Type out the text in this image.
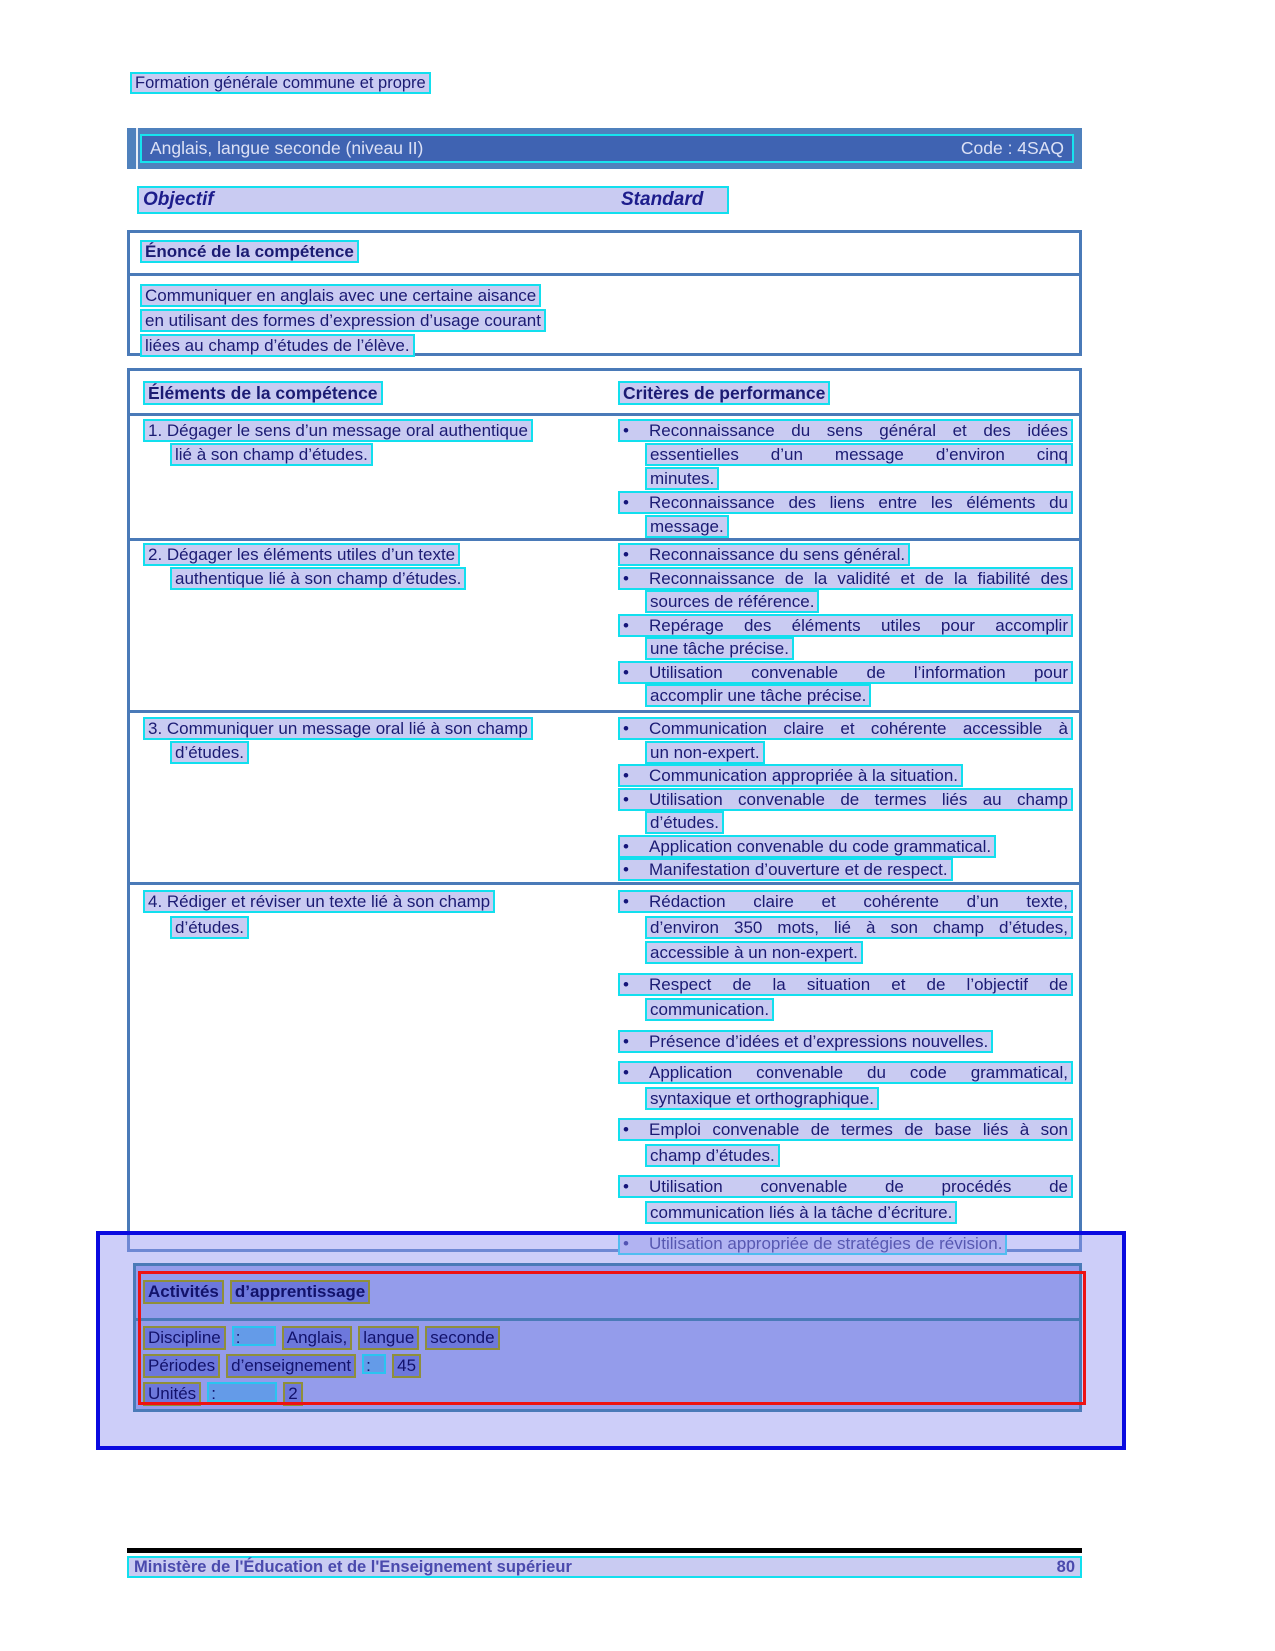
Formation générale commune et propre
Anglais, langue seconde (niveau II)	Code : 4SAQ
Objectif	Standard
Énoncé de la compétence
Communiquer en anglais avec une certaine aisance
en utilisant des formes d’expression d’usage courant
liées au champ d’études de l’élève.
Éléments de la compétence	Critères de performance
1. Dégager le sens d’un message oral authentique
lié à son champ d’études.
• Reconnaissance du sens général et des idées
essentielles d’un message d’environ cinq
minutes.
• Reconnaissance des liens entre les éléments du
message.
2. Dégager les éléments utiles d’un texte
authentique lié à son champ d’études.
• Reconnaissance du sens général.
• Reconnaissance de la validité et de la fiabilité des
sources de référence.
• Repérage des éléments utiles pour accomplir
une tâche précise.
• Utilisation convenable de l’information pour
accomplir une tâche précise.
3. Communiquer un message oral lié à son champ
d’études.
• Communication claire et cohérente accessible à
un non-expert.
• Communication appropriée à la situation.
• Utilisation convenable de termes liés au champ
d’études.
• Application convenable du code grammatical.
• Manifestation d’ouverture et de respect.
4. Rédiger et réviser un texte lié à son champ
d’études.
• Rédaction claire et cohérente d’un texte,
d’environ 350 mots, lié à son champ d’études,
accessible à un non-expert.
• Respect de la situation et de l’objectif de
communication.
• Présence d’idées et d’expressions nouvelles.
• Application convenable du code grammatical,
syntaxique et orthographique.
• Emploi convenable de termes de base liés à son
champ d’études.
• Utilisation convenable de procédés de
communication liés à la tâche d’écriture.
• Utilisation appropriée de stratégies de révision.
Activités d’apprentissage
Discipline :	Anglais, langue seconde
Périodes d’enseignement :	45
Unités :	2
Ministère de l'Éducation et de l'Enseignement supérieur	80
